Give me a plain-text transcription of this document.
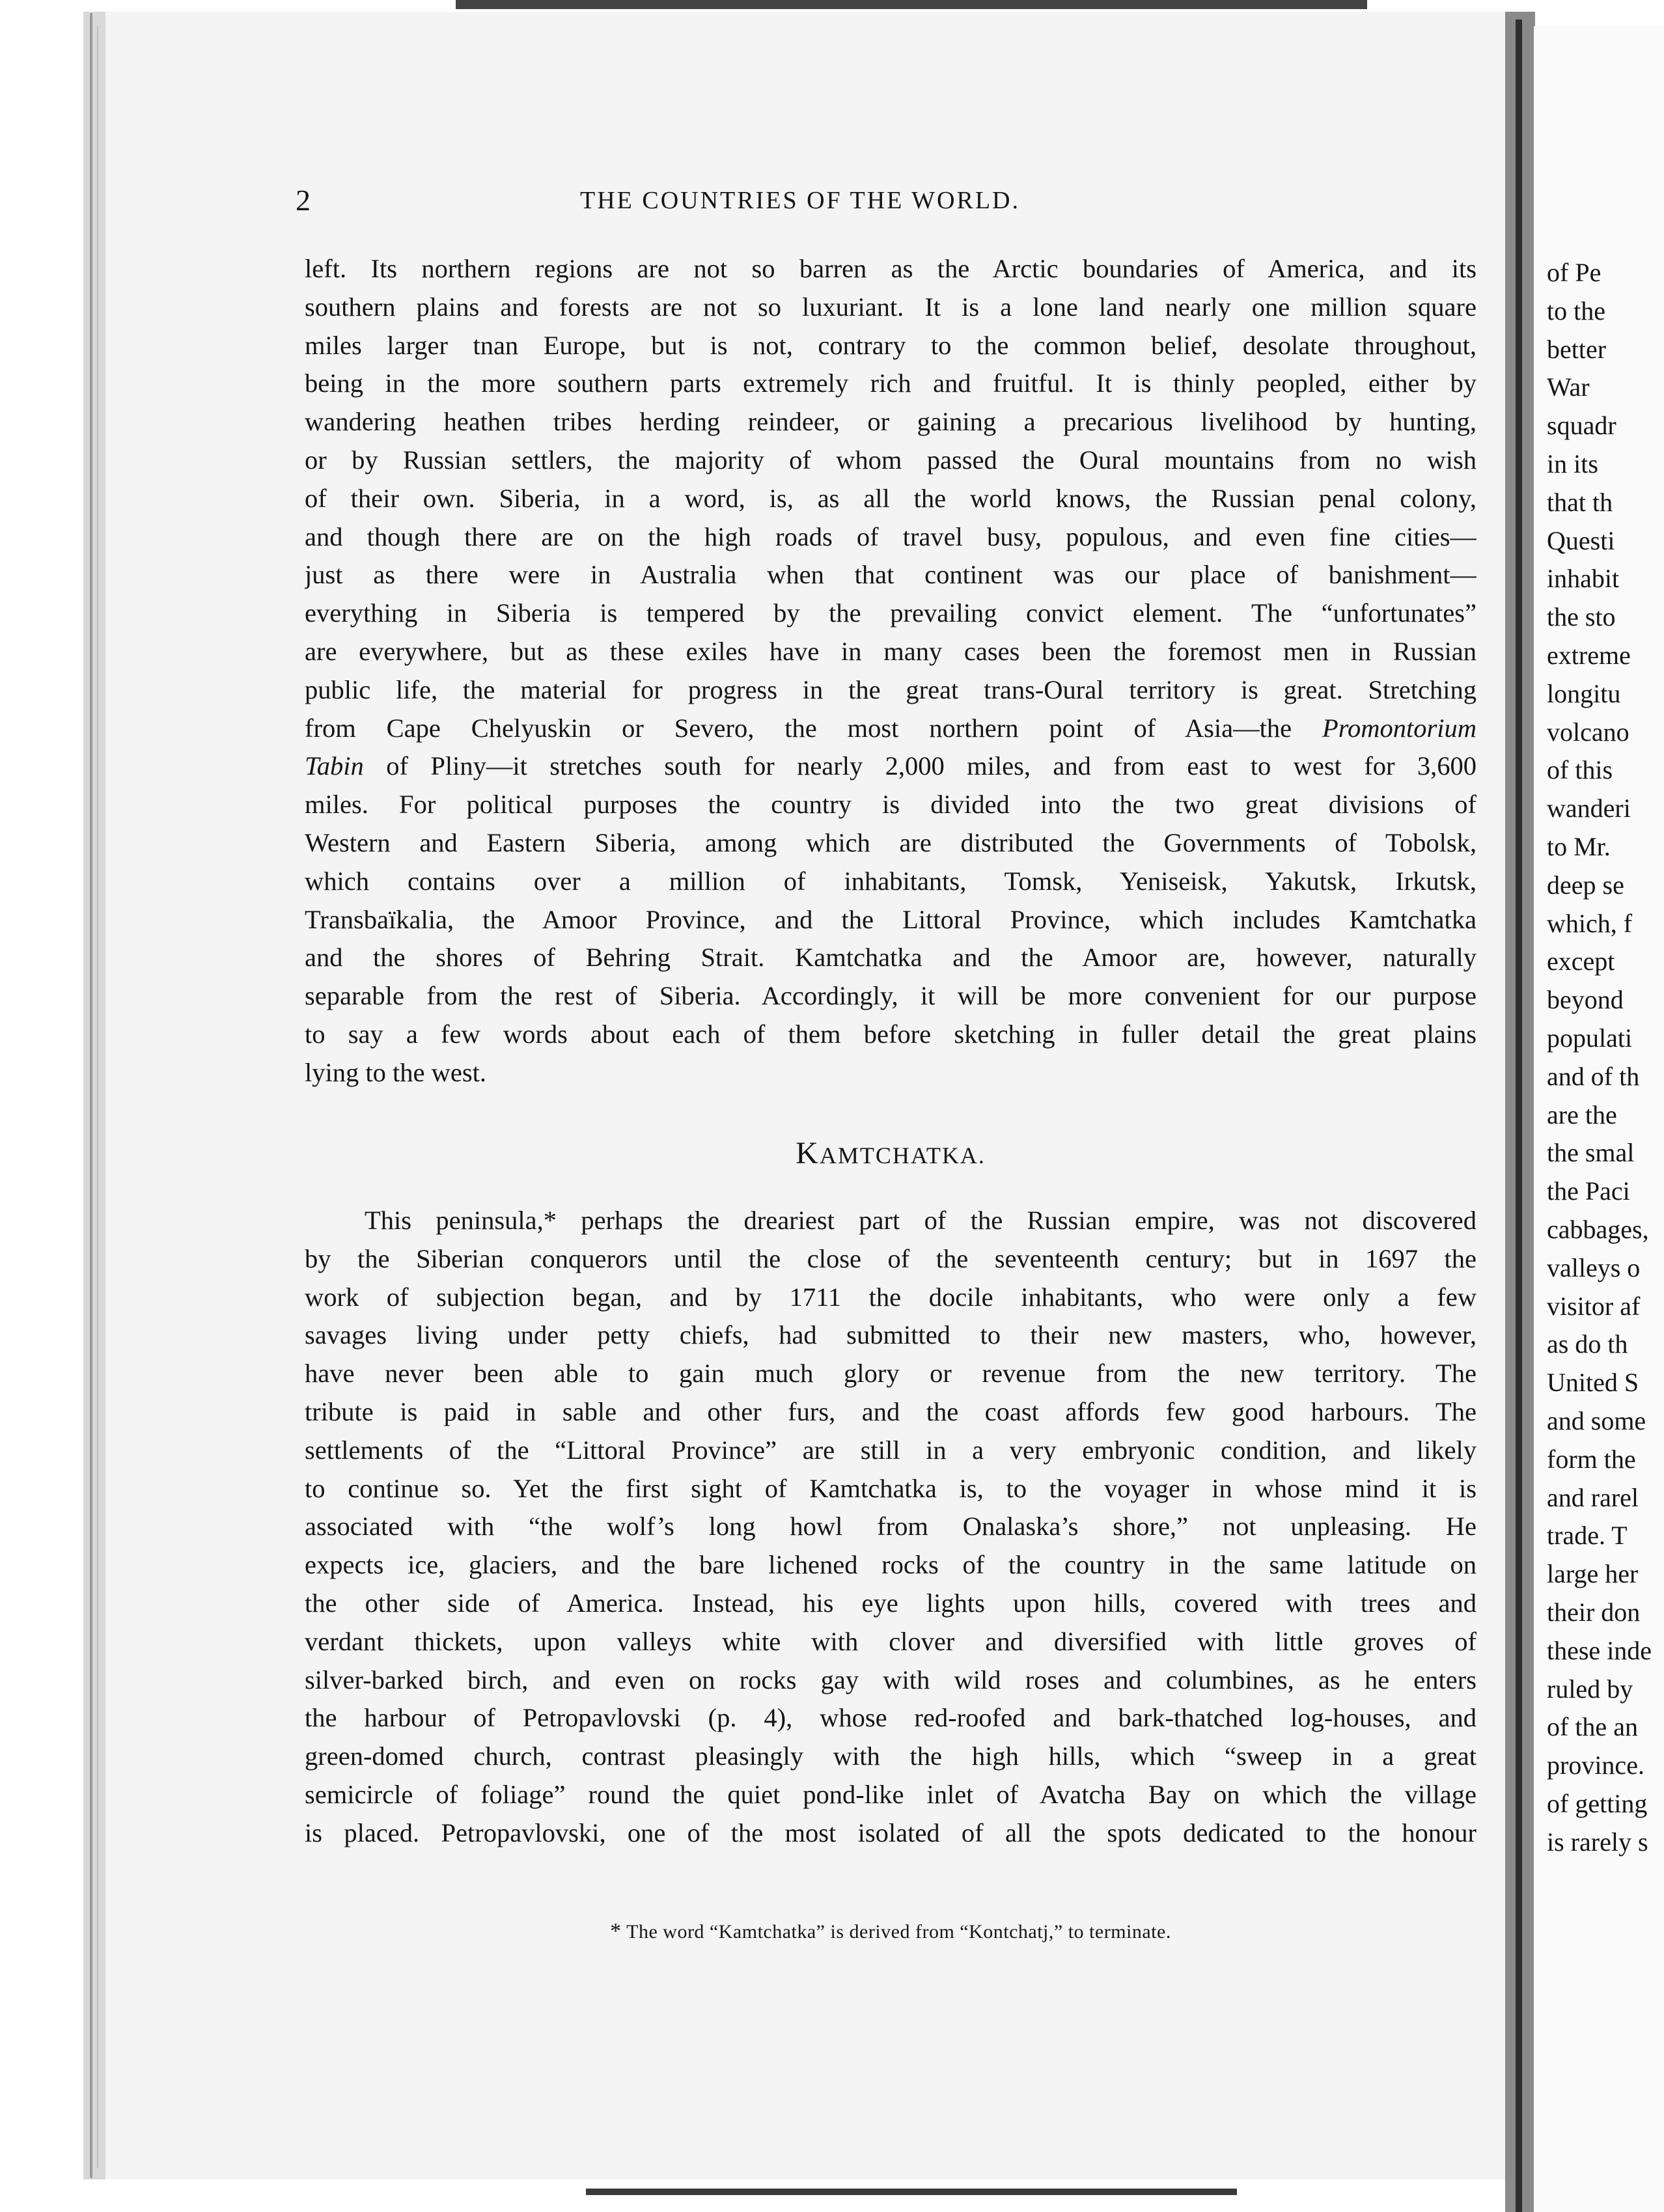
2	THE COUNTRIES OF THE WORLD.
left. Its northern regions are not so barren as the Arctic boundaries of America, and its
southern plains and forests are not so luxuriant. It is a lone land nearly one million square
miles larger tnan Europe, but is not, contrary to the common belief, desolate throughout,
being in the more southern parts extremely rich and fruitful. It is thinly peopled, either by
wandering heathen tribes herding reindeer, or gaining a precarious livelihood by hunting,
or by Russian settlers, the majority of whom passed the Oural mountains from no wish
of their own. Siberia, in a word, is, as all the world knows, the Russian penal colony,
and though there are on the high roads of travel busy, populous, and even fine cities—
just as there were in Australia when that continent was our place of banishment—
everything in Siberia is tempered by the prevailing convict element. The “unfortunates”
are everywhere, but as these exiles have in many cases been the foremost men in Russian
public life, the material for progress in the great trans-Oural territory is great. Stretching
from Cape Chelyuskin or Severo, the most northern point of Asia—the Promontorium
Tabin of Pliny—it stretches south for nearly 2,000 miles, and from east to west for 3,600
miles. For political purposes the country is divided into the two great divisions of
Western and Eastern Siberia, among which are distributed the Governments of Tobolsk,
which contains over a million of inhabitants, Tomsk, Yeniseisk, Yakutsk, Irkutsk,
Transbaïkalia, the Amoor Province, and the Littoral Province, which includes Kamtchatka
and the shores of Behring Strait. Kamtchatka and the Amoor are, however, naturally
separable from the rest of Siberia. Accordingly, it will be more convenient for our purpose
to say a few words about each of them before sketching in fuller detail the great plains
lying to the west.
KAMTCHATKA.
This peninsula,* perhaps the dreariest part of the Russian empire, was not discovered
by the Siberian conquerors until the close of the seventeenth century; but in 1697 the
work of subjection began, and by 1711 the docile inhabitants, who were only a few
savages living under petty chiefs, had submitted to their new masters, who, however,
have never been able to gain much glory or revenue from the new territory. The
tribute is paid in sable and other furs, and the coast affords few good harbours. The
settlements of the “Littoral Province” are still in a very embryonic condition, and likely
to continue so. Yet the first sight of Kamtchatka is, to the voyager in whose mind it is
associated with “the wolf’s long howl from Onalaska’s shore,” not unpleasing. He
expects ice, glaciers, and the bare lichened rocks of the country in the same latitude on
the other side of America. Instead, his eye lights upon hills, covered with trees and
verdant thickets, upon valleys white with clover and diversified with little groves of
silver-barked birch, and even on rocks gay with wild roses and columbines, as he enters
the harbour of Petropavlovski (p. 4), whose red-roofed and bark-thatched log-houses, and
green-domed church, contrast pleasingly with the high hills, which “sweep in a great
semicircle of foliage” round the quiet pond-like inlet of Avatcha Bay on which the village
is placed. Petropavlovski, one of the most isolated of all the spots dedicated to the honour
* The word “Kamtchatka” is derived from “Kontchatj,” to terminate.
of Pe
to the
better
War
squadr
in its
that th
Questi
inhabit
the sto
extreme
longitu
volcano
of this
wanderi
to Mr.
deep se
which, f
except
beyond
populati
and of th
are the
the smal
the Paci
cabbages,
valleys o
visitor af
as do th
United S
and some
form the
and rarel
trade. T
large her
their don
these inde
ruled by
of the an
province.
of getting
is rarely s
